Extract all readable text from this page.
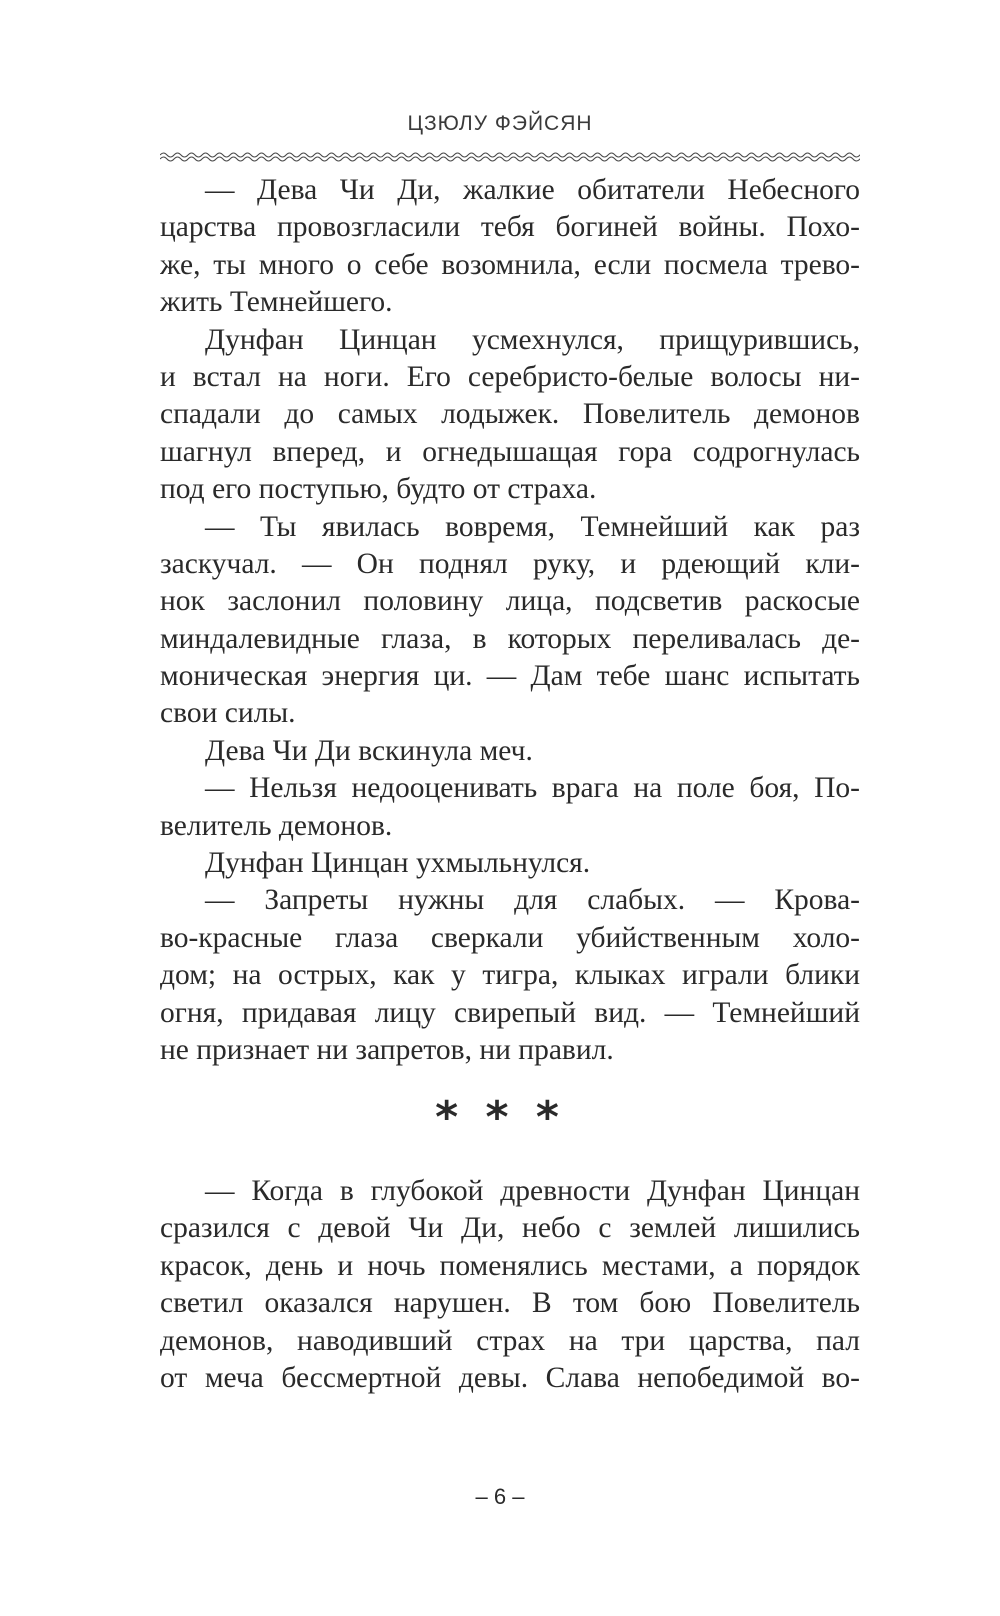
ЦЗЮЛУ ФЭЙСЯН
— Дева Чи Ди, жалкие обитатели Небесного
царства провозгласили тебя богиней войны. Похо-
же, ты много о себе возомнила, если посмела трево-
жить Темнейшего.
Дунфан Цинцан усмехнулся, прищурившись,
и встал на ноги. Его серебристо-белые волосы ни-
спадали до самых лодыжек. Повелитель демонов
шагнул вперед, и огнедышащая гора содрогнулась
под его поступью, будто от страха.
— Ты явилась вовремя, Темнейший как раз
заскучал. — Он поднял руку, и рдеющий кли-
нок заслонил половину лица, подсветив раскосые
миндалевидные глаза, в которых переливалась де-
моническая энергия ци. — Дам тебе шанс испытать
свои силы.
Дева Чи Ди вскинула меч.
— Нельзя недооценивать врага на поле боя, По-
велитель демонов.
Дунфан Цинцан ухмыльнулся.
— Запреты нужны для слабых. — Крова-
во-красные глаза сверкали убийственным холо-
дом; на острых, как у тигра, клыках играли блики
огня, придавая лицу свирепый вид. — Темнейший
не признает ни запретов, ни правил.
* * *
— Когда в глубокой древности Дунфан Цинцан
сразился с девой Чи Ди, небо с землей лишились
красок, день и ночь поменялись местами, а порядок
светил оказался нарушен. В том бою Повелитель
демонов, наводивший страх на три царства, пал
от меча бессмертной девы. Слава непобедимой во-
– 6 –
